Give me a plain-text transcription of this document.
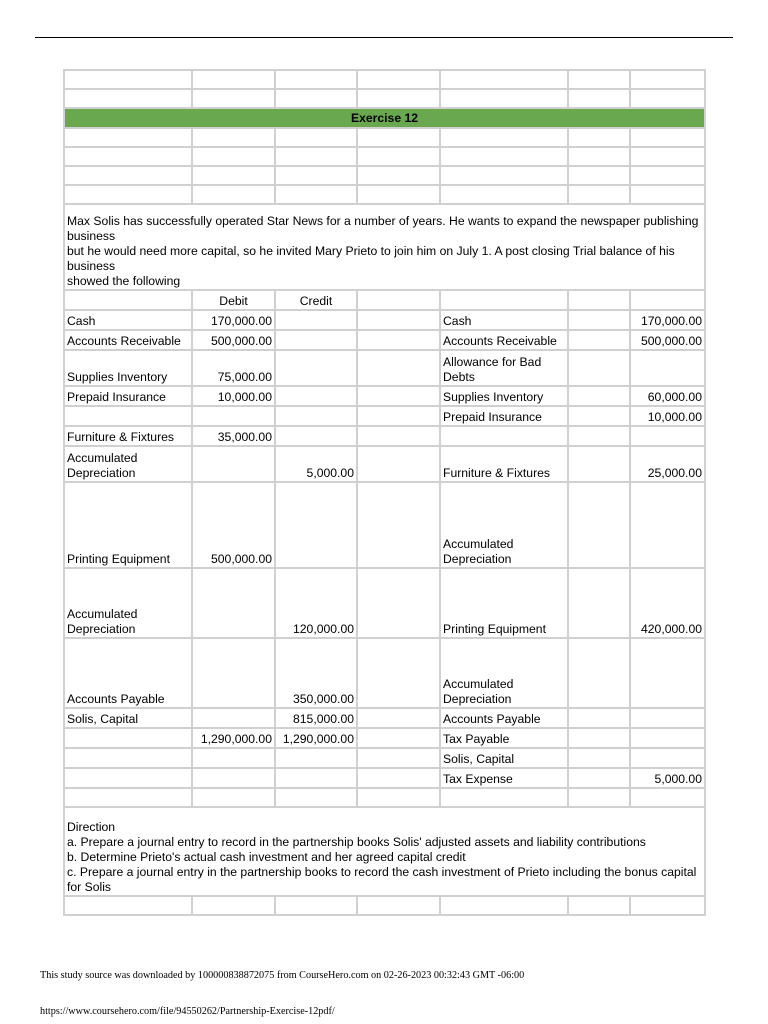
Exercise 12						

Max Solis has successfully operated Star News for a number of years. He wants to expand the newspaper publishing business
but he would need more capital, so he invited Mary Prieto to join him on July 1. A post closing Trial balance of his business
showed the following						

	Debit	Credit				
Cash	170,000.00			Cash		170,000.00
Accounts Receivable	500,000.00			Accounts Receivable		500,000.00
Supplies Inventory	75,000.00			Allowance for Bad Debts		
Prepaid Insurance	10,000.00			Supplies Inventory		60,000.00
				Prepaid Insurance		10,000.00
Furniture & Fixtures	35,000.00					
Accumulated Depreciation		5,000.00		Furniture & Fixtures		25,000.00
Printing Equipment	500,000.00			Accumulated Depreciation		
Accumulated Depreciation		120,000.00		Printing Equipment		420,000.00
Accounts Payable		350,000.00		Accumulated Depreciation		
Solis, Capital		815,000.00		Accounts Payable		
	1,290,000.00	1,290,000.00		Tax Payable		
				Solis, Capital		
				Tax Expense		5,000.00

Direction
a. Prepare a journal entry to record in the partnership books Solis' adjusted assets and liability contributions
b. Determine Prieto's actual cash investment and her agreed capital credit
c. Prepare a journal entry in the partnership books to record the cash investment of Prieto including the bonus capital for Solis						

This study source was downloaded by 100000838872075 from CourseHero.com on 02-26-2023 00:32:43 GMT -06:00
https://www.coursehero.com/file/94550262/Partnership-Exercise-12pdf/
